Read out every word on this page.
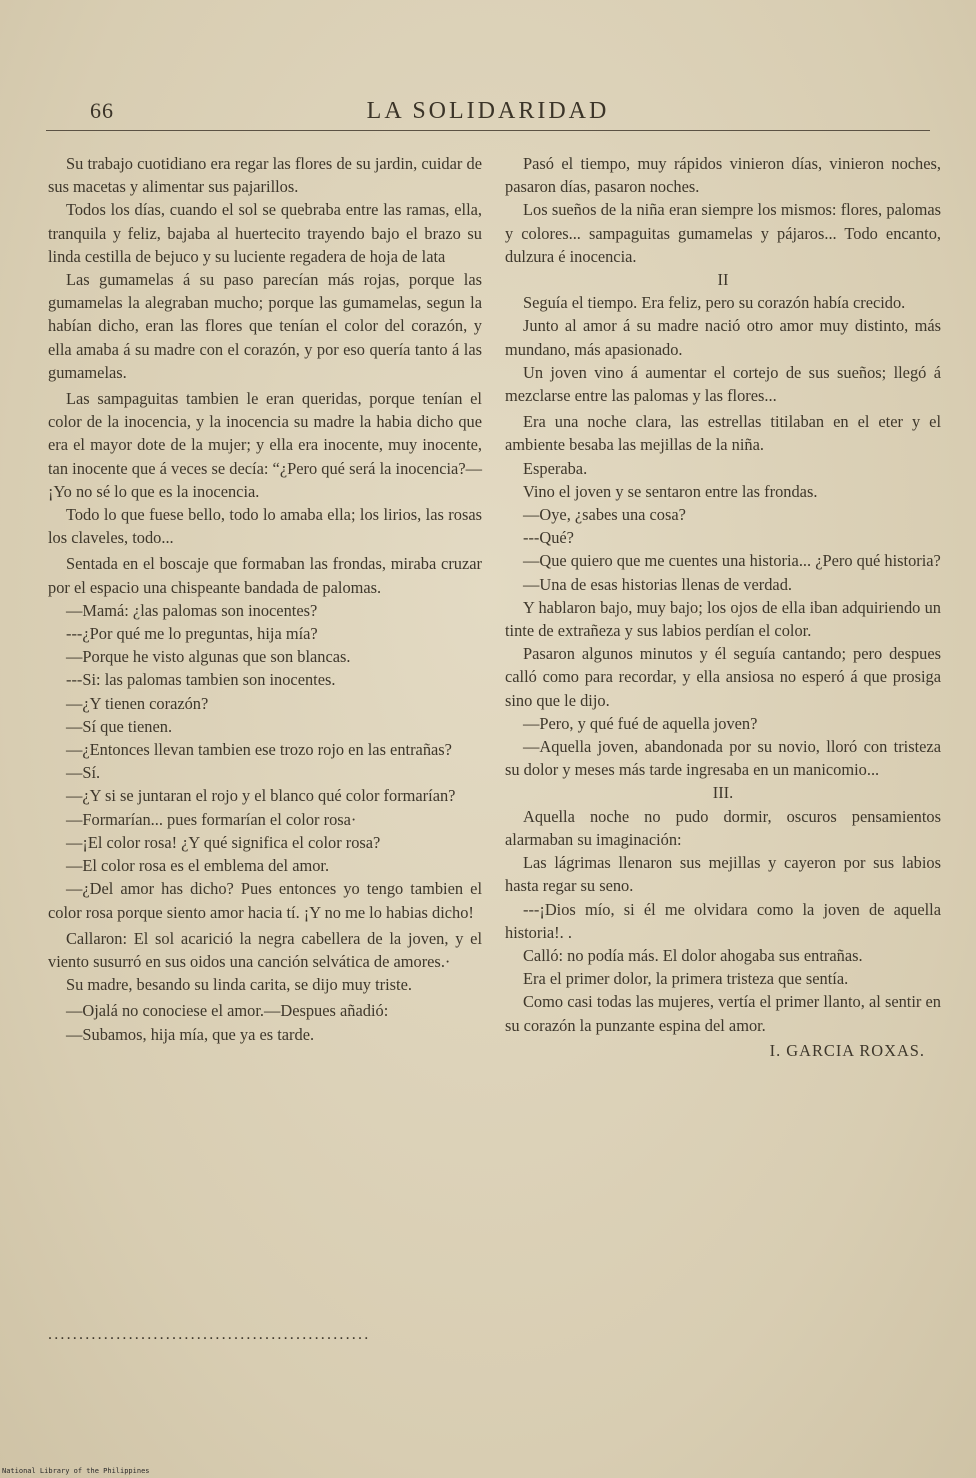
66	LA SOLIDARIDAD

Su trabajo cuotidiano era regar las flores de su jardin, cuidar de sus macetas y alimentar sus pajarillos.

Todos los días, cuando el sol se quebraba entre las ramas, ella, tranquila y feliz, bajaba al huertecito trayendo bajo el brazo su linda cestilla de bejuco y su luciente regadera de hoja de lata

Las gumamelas á su paso parecían más rojas, porque las gumamelas la alegraban mucho; porque las gumamelas, segun la habían dicho, eran las flores que tenían el color del corazón, y ella amaba á su madre con el corazón, y por eso quería tanto á las gumamelas.

Las sampaguitas tambien le eran queridas, porque tenían el color de la inocencia, y la inocencia su madre la habia dicho que era el mayor dote de la mujer; y ella era inocente, muy inocente, tan inocente que á veces se decía: “¿Pero qué será la inocencia?—¡Yo no sé lo que es la inocencia.

Todo lo que fuese bello, todo lo amaba ella; los lirios, las rosas los claveles, todo...

Sentada en el boscaje que formaban las frondas, miraba cruzar por el espacio una chispeante bandada de palomas.

—Mamá: ¿las palomas son inocentes?

---¿Por qué me lo preguntas, hija mía?

—Porque he visto algunas que son blancas.

---Si: las palomas tambien son inocentes.

—¿Y tienen corazón?

—Sí que tienen.

—¿Entonces llevan tambien ese trozo rojo en las entrañas?

—Sí.

—¿Y si se juntaran el rojo y el blanco qué color formarían?

—Formarían... pues formarían el color rosa·

—¡El color rosa! ¿Y qué significa el color rosa?

—El color rosa es el emblema del amor.

—¿Del amor has dicho? Pues entonces yo tengo tambien el color rosa porque siento amor hacia tí. ¡Y no me lo habias dicho!

Callaron: El sol acarició la negra cabellera de la joven, y el viento susurró en sus oidos una canción selvática de amores.·

Su madre, besando su linda carita, se dijo muy triste.

—Ojalá no conociese el amor.—Despues añadió:

—Subamos, hija mía, que ya es tarde.

....................................................

Pasó el tiempo, muy rápidos vinieron días, vinieron noches, pasaron días, pasaron noches.

Los sueños de la niña eran siempre los mismos: flores, palomas y colores... sampaguitas gumamelas y pájaros... Todo encanto, dulzura é inocencia.

II

Seguía el tiempo. Era feliz, pero su corazón había crecido.

Junto al amor á su madre nació otro amor muy distinto, más mundano, más apasionado.

Un joven vino á aumentar el cortejo de sus sueños; llegó á mezclarse entre las palomas y las flores...

Era una noche clara, las estrellas titilaban en el eter y el ambiente besaba las mejillas de la niña.

Esperaba.

Vino el joven y se sentaron entre las frondas.

—Oye, ¿sabes una cosa?

---Qué?

—Que quiero que me cuentes una historia... ¿Pero qué historia?

—Una de esas historias llenas de verdad.

Y hablaron bajo, muy bajo; los ojos de ella iban adquiriendo un tinte de extrañeza y sus labios perdían el color.

Pasaron algunos minutos y él seguía cantando; pero despues calló como para recordar, y ella ansiosa no esperó á que prosiga sino que le dijo.

—Pero, y qué fué de aquella joven?

—Aquella joven, abandonada por su novio, lloró con tristeza su dolor y meses más tarde ingresaba en un manicomio...

III.

Aquella noche no pudo dormir, oscuros pensamientos alarmaban su imaginación:

Las lágrimas llenaron sus mejillas y cayeron por sus labios hasta regar su seno.

---¡Dios mío, si él me olvidara como la joven de aquella historia!. .

Calló: no podía más. El dolor ahogaba sus entrañas.

Era el primer dolor, la primera tristeza que sentía.

Como casi todas las mujeres, vertía el primer llanto, al sentir en su corazón la punzante espina del amor.

I. GARCIA ROXAS.

National Library of the Philippines
